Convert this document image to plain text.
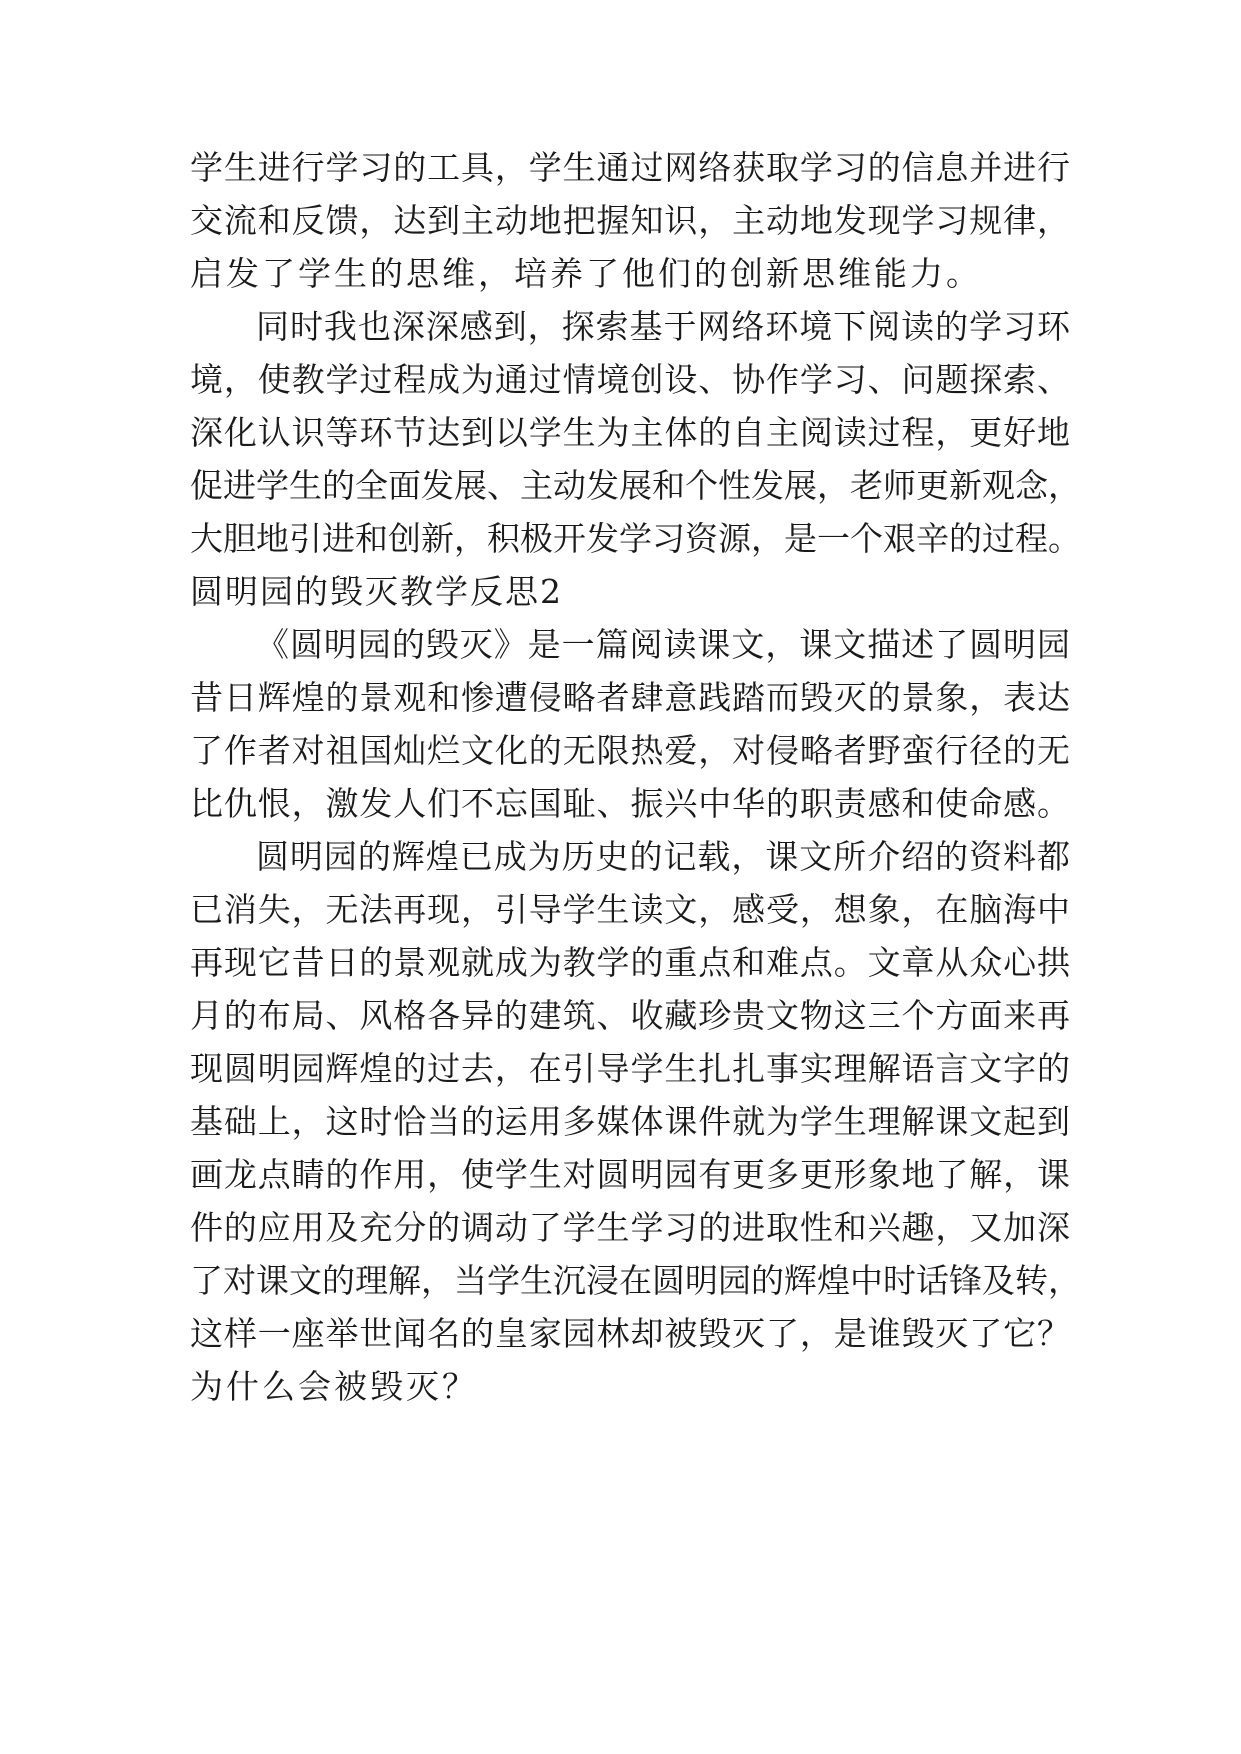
学生进行学习的工具，学生通过网络获取学习的信息并进行
交流和反馈，达到主动地把握知识，主动地发现学习规律，
启发了学生的思维，培养了他们的创新思维能力。
同时我也深深感到，探索基于网络环境下阅读的学习环
境，使教学过程成为通过情境创设、协作学习、问题探索、
深化认识等环节达到以学生为主体的自主阅读过程，更好地
促进学生的全面发展、主动发展和个性发展，老师更新观念，
大胆地引进和创新，积极开发学习资源，是一个艰辛的过程。
圆明园的毁灭教学反思2
《圆明园的毁灭》是一篇阅读课文，课文描述了圆明园
昔日辉煌的景观和惨遭侵略者肆意践踏而毁灭的景象，表达
了作者对祖国灿烂文化的无限热爱，对侵略者野蛮行径的无
比仇恨，激发人们不忘国耻、振兴中华的职责感和使命感。
圆明园的辉煌已成为历史的记载，课文所介绍的资料都
已消失，无法再现，引导学生读文，感受，想象，在脑海中
再现它昔日的景观就成为教学的重点和难点。文章从众心拱
月的布局、风格各异的建筑、收藏珍贵文物这三个方面来再
现圆明园辉煌的过去，在引导学生扎扎事实理解语言文字的
基础上，这时恰当的运用多媒体课件就为学生理解课文起到
画龙点睛的作用，使学生对圆明园有更多更形象地了解，课
件的应用及充分的调动了学生学习的进取性和兴趣，又加深
了对课文的理解，当学生沉浸在圆明园的辉煌中时话锋及转，
这样一座举世闻名的皇家园林却被毁灭了，是谁毁灭了它？
为什么会被毁灭？
